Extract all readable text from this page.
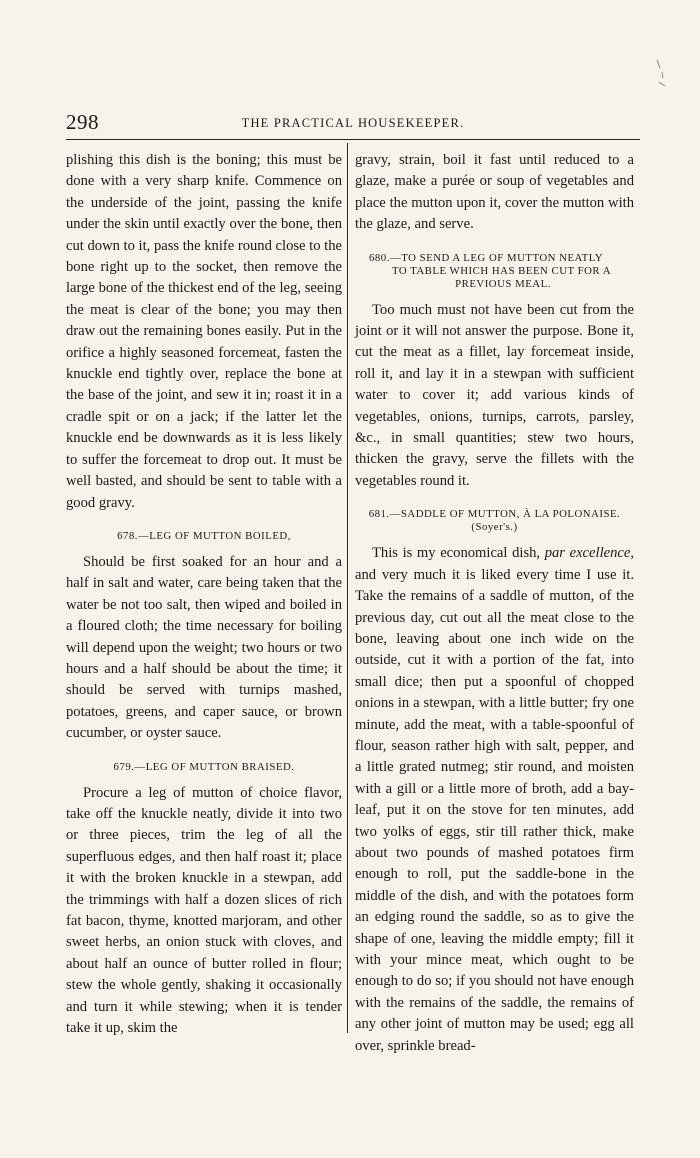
298	THE PRACTICAL HOUSEKEEPER.

plishing this dish is the boning; this must be done with a very sharp knife. Commence on the underside of the joint, passing the knife under the skin until exactly over the bone, then cut down to it, pass the knife round close to the bone right up to the socket, then remove the large bone of the thickest end of the leg, seeing the meat is clear of the bone; you may then draw out the remaining bones easily. Put in the orifice a highly seasoned forcemeat, fasten the knuckle end tightly over, replace the bone at the base of the joint, and sew it in; roast it in a cradle spit or on a jack; if the latter let the knuckle end be downwards as it is less likely to suffer the forcemeat to drop out. It must be well basted, and should be sent to table with a good gravy.

678.—LEG OF MUTTON BOILED,

Should be first soaked for an hour and a half in salt and water, care being taken that the water be not too salt, then wiped and boiled in a floured cloth; the time necessary for boiling will depend upon the weight; two hours or two hours and a half should be about the time; it should be served with turnips mashed, potatoes, greens, and caper sauce, or brown cucumber, or oyster sauce.

679.—LEG OF MUTTON BRAISED.

Procure a leg of mutton of choice flavor, take off the knuckle neatly, divide it into two or three pieces, trim the leg of all the superfluous edges, and then half roast it; place it with the broken knuckle in a stewpan, add the trimmings with half a dozen slices of rich fat bacon, thyme, knotted marjoram, and other sweet herbs, an onion stuck with cloves, and about half an ounce of butter rolled in flour; stew the whole gently, shaking it occasionally and turn it while stewing; when it is tender take it up, skim the

gravy, strain, boil it fast until reduced to a glaze, make a purée or soup of vegetables and place the mutton upon it, cover the mutton with the glaze, and serve.

680.—TO SEND A LEG OF MUTTON NEATLY
TO TABLE WHICH HAS BEEN CUT FOR A PREVIOUS MEAL.

Too much must not have been cut from the joint or it will not answer the purpose. Bone it, cut the meat as a fillet, lay forcemeat inside, roll it, and lay it in a stewpan with sufficient water to cover it; add various kinds of vegetables, onions, turnips, carrots, parsley, &c., in small quantities; stew two hours, thicken the gravy, serve the fillets with the vegetables round it.

681.—SADDLE OF MUTTON, À LA POLONAISE. (Soyer's.)

This is my economical dish, par excellence, and very much it is liked every time I use it. Take the remains of a saddle of mutton, of the previous day, cut out all the meat close to the bone, leaving about one inch wide on the outside, cut it with a portion of the fat, into small dice; then put a spoonful of chopped onions in a stewpan, with a little butter; fry one minute, add the meat, with a table-spoonful of flour, season rather high with salt, pepper, and a little grated nutmeg; stir round, and moisten with a gill or a little more of broth, add a bay-leaf, put it on the stove for ten minutes, add two yolks of eggs, stir till rather thick, make about two pounds of mashed potatoes firm enough to roll, put the saddle-bone in the middle of the dish, and with the potatoes form an edging round the saddle, so as to give the shape of one, leaving the middle empty; fill it with your mince meat, which ought to be enough to do so; if you should not have enough with the remains of the saddle, the remains of any other joint of mutton may be used; egg all over, sprinkle bread-
